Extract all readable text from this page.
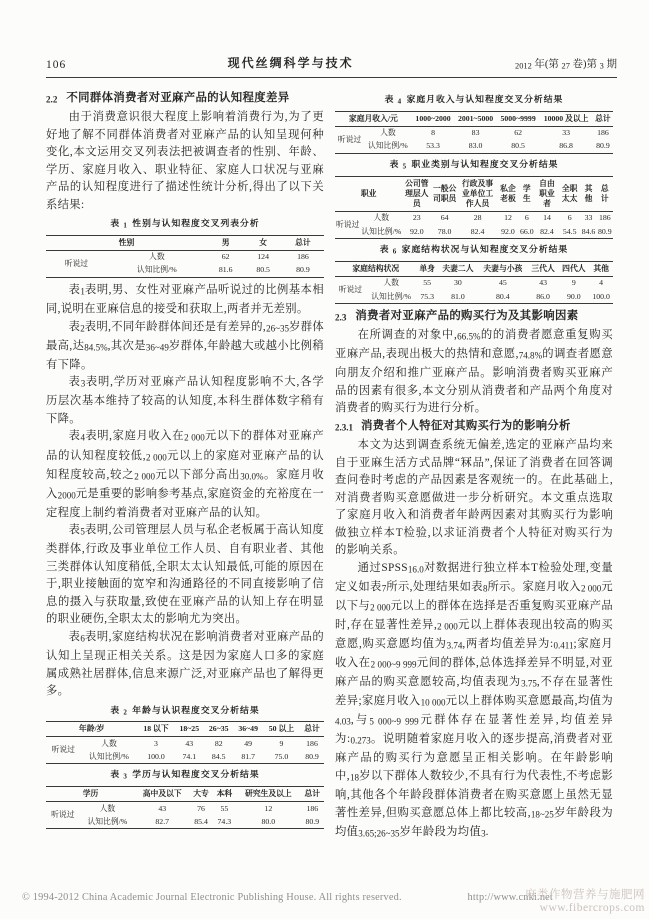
106	现代丝绸科学与技术	2012 年(第 27 卷)第 3 期
2.2 不同群体消费者对亚麻产品的认知程度差异

由于消费意识很大程度上影响着消费行为,为了更好地了解不同群体消费者对亚麻产品的认知呈现何种变化,本文运用交叉列表法把被调查者的性别、年龄、学历、家庭月收入、职业特征、家庭人口状况与亚麻产品的认知程度进行了描述性统计分析,得出了以下关系结果:

表 1 性别与认知程度交叉列表分析
性别		男	女	总计
听说过	人数	62	124	186
	认知比例/%	81.6	80.5	80.9

表1表明,男、女性对亚麻产品听说过的比例基本相同,说明在亚麻信息的接受和获取上,两者并无差别。

表2表明,不同年龄群体间还是有差异的,26~35岁群体最高,达84.5%,其次是36~49岁群体,年龄越大或越小比例稍有下降。

表3表明,学历对亚麻产品认知程度影响不大,各学历层次基本维持了较高的认知度,本科生群体数字稍有下降。

表4表明,家庭月收入在2 000元以下的群体对亚麻产品的认知程度较低,2 000元以上的家庭对亚麻产品的认知程度较高,较之2 000元以下部分高出30.0%。家庭月收入2000元是重要的影响参考基点,家庭资金的充裕度在一定程度上制约着消费者对亚麻产品的认知。

表5表明,公司管理层人员与私企老板属于高认知度类群体,行政及事业单位工作人员、自有职业者、其他三类群体认知度稍低,全职太太认知最低,可能的原因在于,职业接触面的宽窄和沟通路径的不同直接影响了信息的摄入与获取量,致使在亚麻产品的认知上存在明显的职业硬伤,全职太太的影响尤为突出。

表6表明,家庭结构状况在影响消费者对亚麻产品的认知上呈现正相关关系。这是因为家庭人口多的家庭属成熟社居群体,信息来源广泛,对亚麻产品也了解得更多。

表 2 年龄与认识程度交叉分析结果
年龄/岁		18 以下	18~25	26~35	36~49	50 以上	总计
听说过	人数	3	43	82	49	9	186
	认知比例/%	100.0	74.1	84.5	81.7	75.0	80.9
表 3 学历与认知程度交叉分析结果
学历		高中及以下	大专	本科	研究生及以上	总计
听说过	人数	43	76	55	12	186
	认知比例/%	82.7	85.4	74.3	80.0	80.9
表 4 家庭月收入与认知程度交叉分析结果
家庭月收入/元		1000~2000	2001~5000	5000~9999	10000 及以上	总计
听说过	人数	8	83	62	33	186
	认知比例/%	53.3	83.0	80.5	86.8	80.9
表 5 职业类别与认知程度交叉分析结果
职业		公司管理层人员	一般公司职员	行政及事业单位工作人员	私企老板	学生	自由职业者	全职太太	其他	总计
听说过	人数	23	64	28	12	6	14	6	33	186
	认知比例/%	92.0	78.0	82.4	92.0	66.0	82.4	54.5	84.6	80.9
表 6 家庭结构状况与认知程度交叉分析结果
家庭结构状况		单身	夫妻二人	夫妻与小孩	三代人	四代人	其他
听说过	人数	55	30	45	43	9	4
	认知比例/%	75.3	81.0	80.4	86.0	90.0	100.0
2.3 消费者对亚麻产品的购买行为及其影响因素

在所调查的对象中,66.5%的的消费者愿意重复购买亚麻产品,表现出极大的热情和意愿,74.8%的调查者愿意向朋友介绍和推广亚麻产品。影响消费者购买亚麻产品的因素有很多,本文分别从消费者和产品两个角度对消费者的购买行为进行分析。

2.3.1 消费者个人特征对其购买行为的影响分析

本文为达到调查系统无偏差,选定的亚麻产品均来自于亚麻生活方式品牌“冧品”,保证了消费者在回答调查问卷时考虑的产品因素是客观统一的。在此基础上,对消费者购买意愿做进一步分析研究。本文重点选取了家庭月收入和消费者年龄两因素对其购买行为影响做独立样本T检验,以求证消费者个人特征对购买行为的影响关系。

通过SPSS16.0对数据进行独立样本T检验处理,变量定义如表7所示,处理结果如表8所示。家庭月收入2 000元以下与2 000元以上的群体在选择是否重复购买亚麻产品时,存在显著性差异,2 000元以上群体表现出较高的购买意愿,购买意愿均值为3.74,两者均值差异为:0.411;家庭月收入在2 000~9 999元间的群体,总体选择差异不明显,对亚麻产品的购买意愿较高,均值表现为3.75,不存在显著性差异;家庭月收入10 000元以上群体购买意愿最高,均值为4.03,与5 000~9 999元群体存在显著性差异,均值差异为:0.273。说明随着家庭月收入的逐步提高,消费者对亚麻产品的购买行为意愿呈正相关影响。在年龄影响中,18岁以下群体人数较少,不具有行为代表性,不考虑影响,其他各个年龄段群体消费者在购买意愿上虽然无显著性差异,但购买意愿总体上都比较高,18~25岁年龄段为均值3.65;26~35岁年龄段为均值3.

© 1994-2012 China Academic Journal Electronic Publishing House. All rights reserved.	http://www.cnki.net
麻类作物营养与施肥网
www.fibercrops.com
